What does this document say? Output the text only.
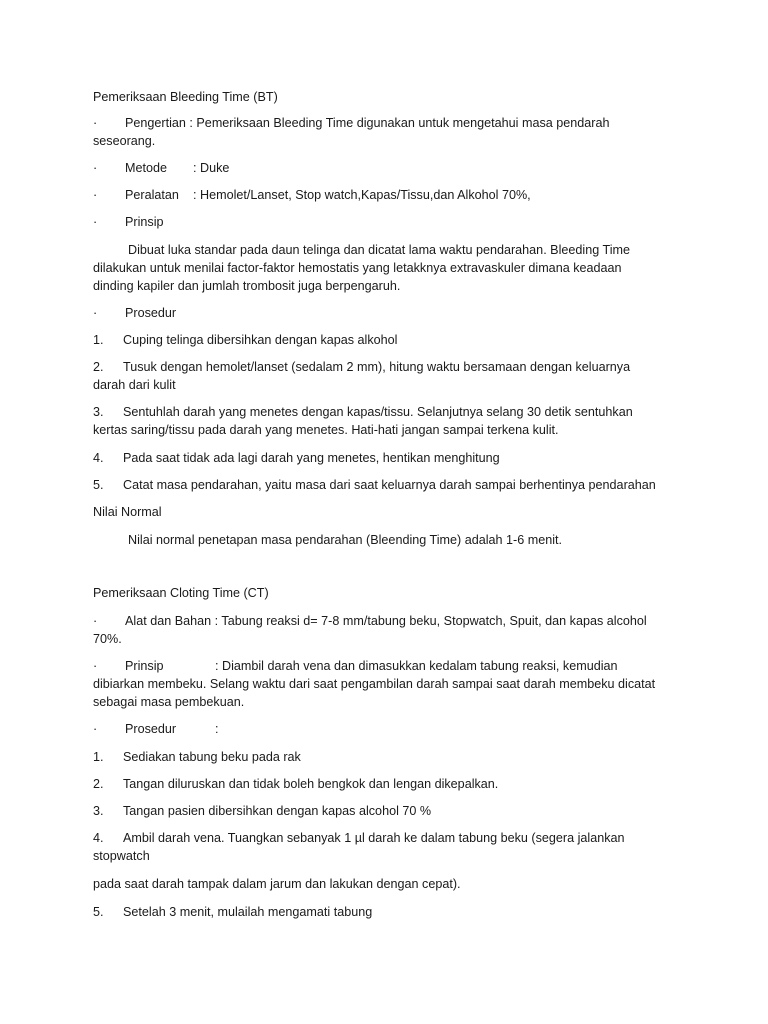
Pemeriksaan Bleeding Time (BT)
· Pengertian : Pemeriksaan Bleeding Time digunakan untuk mengetahui masa pendarah
seseorang.
· Metode : Duke
· Peralatan : Hemolet/Lanset, Stop watch,Kapas/Tissu,dan Alkohol 70%,
· Prinsip
Dibuat luka standar pada daun telinga dan dicatat lama waktu pendarahan. Bleeding Time
dilakukan untuk menilai factor-faktor hemostatis yang letakknya extravaskuler dimana keadaan
dinding kapiler dan jumlah trombosit juga berpengaruh.
· Prosedur
1. Cuping telinga dibersihkan dengan kapas alkohol
2. Tusuk dengan hemolet/lanset (sedalam 2 mm), hitung waktu bersamaan dengan keluarnya
darah dari kulit
3. Sentuhlah darah yang menetes dengan kapas/tissu. Selanjutnya selang 30 detik sentuhkan
kertas saring/tissu pada darah yang menetes. Hati-hati jangan sampai terkena kulit.
4. Pada saat tidak ada lagi darah yang menetes, hentikan menghitung
5. Catat masa pendarahan, yaitu masa dari saat keluarnya darah sampai berhentinya pendarahan
Nilai Normal
Nilai normal penetapan masa pendarahan (Bleending Time) adalah 1-6 menit.
Pemeriksaan Cloting Time (CT)
· Alat dan Bahan : Tabung reaksi d= 7-8 mm/tabung beku, Stopwatch, Spuit, dan kapas alcohol
70%.
· Prinsip	: Diambil darah vena dan dimasukkan kedalam tabung reaksi, kemudian
dibiarkan membeku. Selang waktu dari saat pengambilan darah sampai saat darah membeku dicatat
sebagai masa pembekuan.
· Prosedur	:
1. Sediakan tabung beku pada rak
2. Tangan diluruskan dan tidak boleh bengkok dan lengan dikepalkan.
3. Tangan pasien dibersihkan dengan kapas alcohol 70 %
4. Ambil darah vena. Tuangkan sebanyak 1 µl darah ke dalam tabung beku (segera jalankan
stopwatch
pada saat darah tampak dalam jarum dan lakukan dengan cepat).
5. Setelah 3 menit, mulailah mengamati tabung
